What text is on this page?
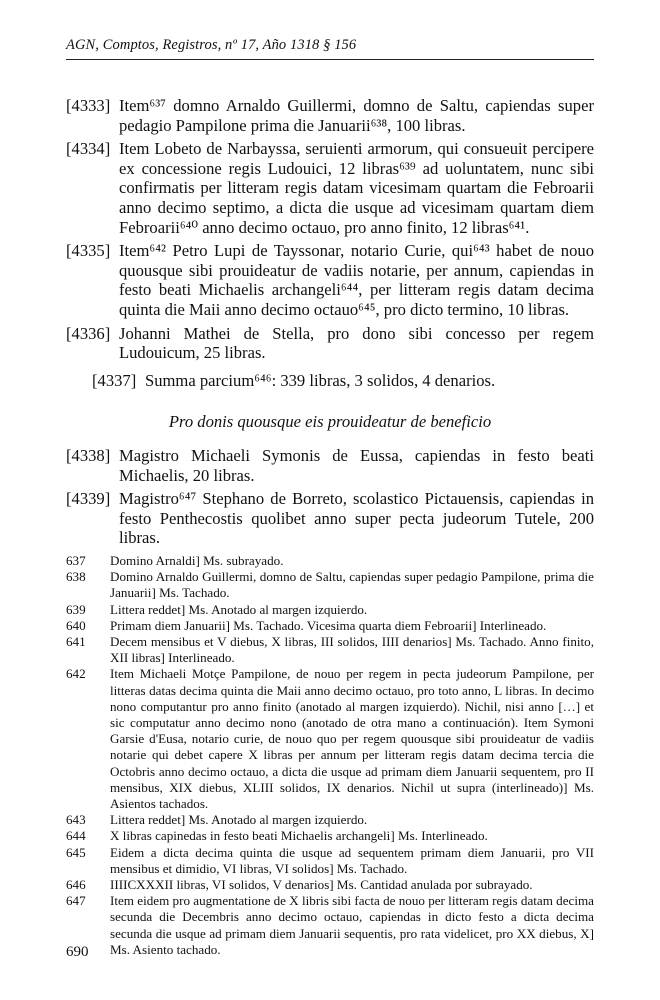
AGN, Comptos, Registros, nº 17, Año 1318 § 156
[4333] Item⁶³⁷ domno Arnaldo Guillermi, domno de Saltu, capiendas super pedagio Pampilone prima die Januarii⁶³⁸, 100 libras.
[4334] Item Lobeto de Narbayssa, seruienti armorum, qui consueuit percipere ex concessione regis Ludouici, 12 libras⁶³⁹ ad uoluntatem, nunc sibi confirmatis per litteram regis datam vicesimam quartam die Febroarii anno decimo septimo, a dicta die usque ad vicesimam quartam diem Febroarii⁶⁴⁰ anno decimo octauo, pro anno finito, 12 libras⁶⁴¹.
[4335] Item⁶⁴² Petro Lupi de Tayssonar, notario Curie, qui⁶⁴³ habet de nouo quousque sibi prouideatur de vadiis notarie, per annum, capiendas in festo beati Michaelis archangeli⁶⁴⁴, per litteram regis datam decima quinta die Maii anno decimo octauo⁶⁴⁵, pro dicto termino, 10 libras.
[4336] Johanni Mathei de Stella, pro dono sibi concesso per regem Ludouicum, 25 libras.
[4337] Summa parcium⁶⁴⁶: 339 libras, 3 solidos, 4 denarios.
Pro donis quousque eis prouideatur de beneficio
[4338] Magistro Michaeli Symonis de Eussa, capiendas in festo beati Michaelis, 20 libras.
[4339] Magistro⁶⁴⁷ Stephano de Borreto, scolastico Pictauensis, capiendas in festo Penthecostis quolibet anno super pecta judeorum Tutele, 200 libras.
637	Domino Arnaldi] Ms. subrayado.
638	Domino Arnaldo Guillermi, domno de Saltu, capiendas super pedagio Pampilone, prima die Januarii] Ms. Tachado.
639	Littera reddet] Ms. Anotado al margen izquierdo.
640	Primam diem Januarii] Ms. Tachado. Vicesima quarta diem Febroarii] Interlineado.
641	Decem mensibus et V diebus, X libras, III solidos, IIII denarios] Ms. Tachado. Anno finito, XII libras] Interlineado.
642	Item Michaeli Motçe Pampilone, de nouo per regem in pecta judeorum Pampilone, per litteras datas decima quinta die Maii anno decimo octauo, pro toto anno, L libras. In decimo nono computantur pro anno finito (anotado al margen izquierdo). Nichil, nisi anno […] et sic computatur anno decimo nono (anotado de otra mano a continuación). Item Symoni Garsie d'Eusa, notario curie, de nouo quo per regem quousque sibi prouideatur de vadiis notarie qui debet capere X libras per annum per litteram regis datam decima tercia die Octobris anno decimo octauo, a dicta die usque ad primam diem Januarii sequentem, pro II mensibus, XIX diebus, XLIII solidos, IX denarios. Nichil ut supra (interlineado)] Ms. Asientos tachados.
643	Littera reddet] Ms. Anotado al margen izquierdo.
644	X libras capinedas in festo beati Michaelis archangeli] Ms. Interlineado.
645	Eidem a dicta decima quinta die usque ad sequentem primam diem Januarii, pro VII mensibus et dimidio, VI libras, VI solidos] Ms. Tachado.
646	IIIICXXXII libras, VI solidos, V denarios] Ms. Cantidad anulada por subrayado.
647	Item eidem pro augmentatione de X libris sibi facta de nouo per litteram regis datam decima secunda die Decembris anno decimo octauo, capiendas in dicto festo a dicta decima secunda die usque ad primam diem Januarii sequentis, pro rata videlicet, pro XX diebus, X] Ms. Asiento tachado.
690
